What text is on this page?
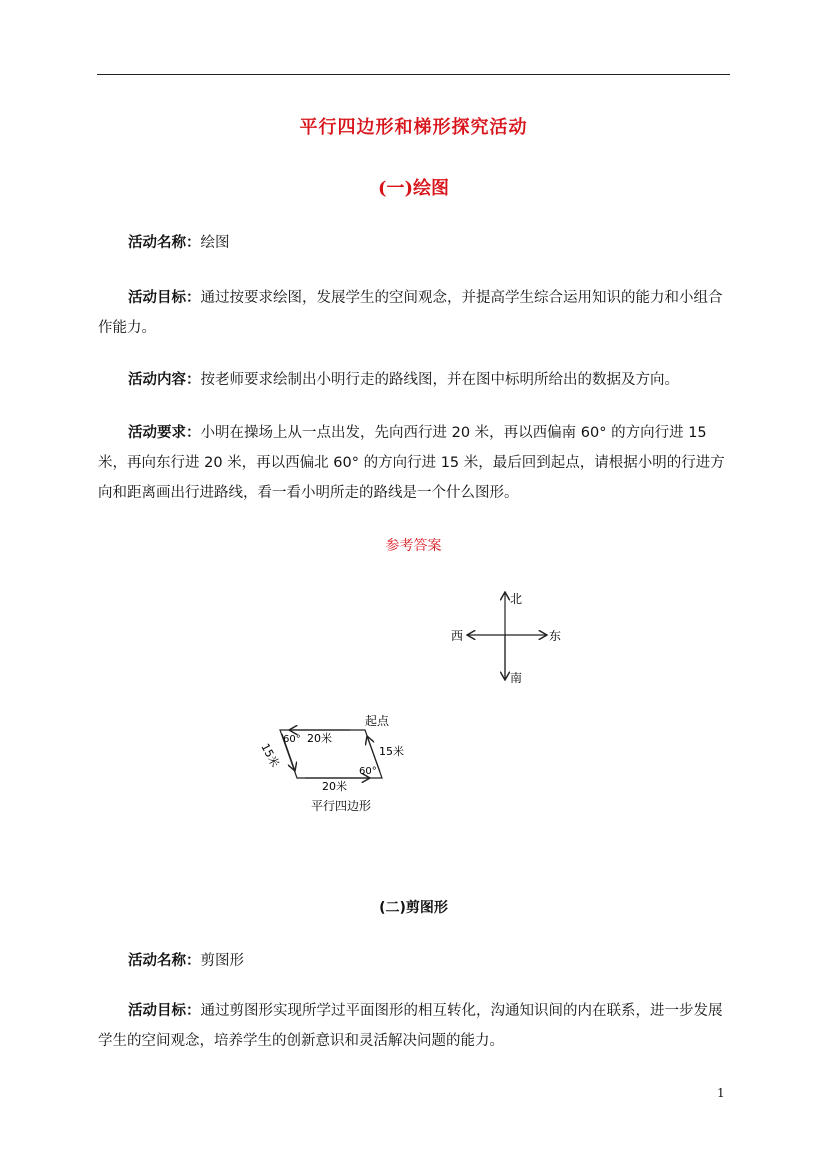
平行四边形和梯形探究活动
(一)绘图
活动名称：绘图
活动目标：通过按要求绘图，发展学生的空间观念，并提高学生综合运用知识的能力和小组合作能力。
活动内容：按老师要求绘制出小明行走的路线图，并在图中标明所给出的数据及方向。
活动要求：小明在操场上从一点出发，先向西行进 20 米，再以西偏南 60° 的方向行进 15 米，再向东行进 20 米，再以西偏北 60° 的方向行进 15 米，最后回到起点，请根据小明的行进方向和距离画出行进路线，看一看小明所走的路线是一个什么图形。
参考答案
北
南
西	东
起点
20米
60°
15米	15米
60°
20米
平行四边形
(二)剪图形
活动名称：剪图形
活动目标：通过剪图形实现所学过平面图形的相互转化，沟通知识间的内在联系，进一步发展学生的空间观念，培养学生的创新意识和灵活解决问题的能力。
1
